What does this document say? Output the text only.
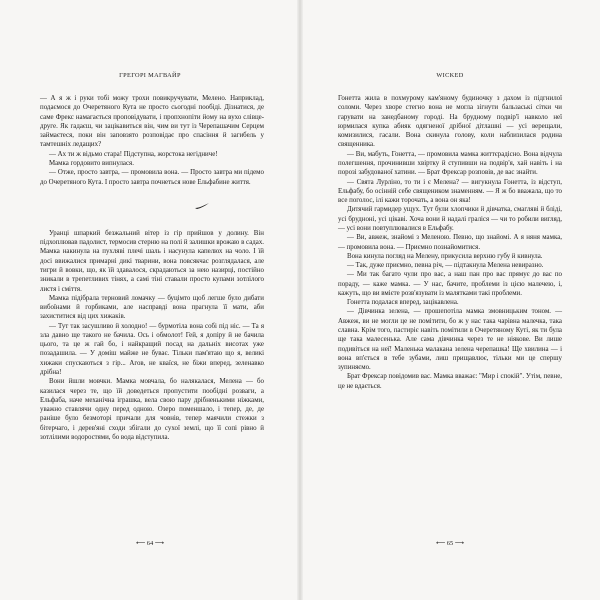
ГРЕГОРІ МАГВАЙР

— А я ж і руки тобі можу трохи повикручувати, Мелено. Наприклад, подаємося до Очеретяного Кута не просто сьогодні пообіді. Дізнатися, де саме Фрекс намагається проповідувати, і пропхнопіти йому на вухо слівце-друге. Як гадаєш, чи зацікавиться він, чим ви тут із Черепашачим Серцем займаєтеся, поки він заповзято розповідає про спасіння й загибель у тамтешніх ледащих?

— Ах ти ж відьмо стара! Підступна, жорстока негідниче!

Мамка гордовито випнулася.

— Отже, просто завтра, — промовила вона. — Просто завтра ми підемо до Очеретяного Кута. І просто завтра почнеться нове Ельфабине життя.

Уранці шпаркий безжальний вітер із гір прийшов у долину. Він підхоплював падолист, термосив стерню на полі й залишки врожаю в садах. Мамка накинула на пухляві плечі шаль і насунула капелюх на чоло. І їй досі ввижалися примарні дикі тварини, вона повсякчас розглядалася, але тигри й вовки, що, як їй здавалося, скрадаються за нею назирці, постійно зникали в трепетливих тінях, а самі тіні ставали просто купами зотлілого листя і сміття.

Мамка підібрала терновий ломачку — буцімто щоб легше було дибати вибоїнами й горбиками, але насправді вона прагнула її мати, аби захиститися від цих хижаків.

— Тут так засушливо й холодно! — бурмотіла вона собі під ніс. — Та я зла давно ще такого не бачила. Ось і обмолот! Гей, я допіру й не бачила цього, та це ж гай бо, і найкращий посад на дальніх висотах уже позадашила. — У доміш майже не буває. Тільки пам'ятаю що я, великі хижаки спускаються з гір... Агов, не кваїся, не біжи вперед, зеленавко дрібна!

Вони йшли мовчки. Мамка мовчала, бо налякалася, Мелена — бо казилася через те, що їй доведеться пропустити пообідні розваги, а Ельфаба, наче механічна іграшка, вела свою пару дрібненькими ніжками, уважно ставлячи одну перед одною. Озеро поменшало, і тепер, де, де раніше було безмоторі причали для човнів, тепер маячили стежки з бітерчаго, і дерев'яні сходи збігали до сухої землі, що її сопі рівно й зотлілими водоростями, бо вода відступила.

⟵ 64 ⟶
WICKED

Гонетта жила в похмурому кам'яному будиночку з дахом із підгнилої соломи. Через хворе стегно вона не могла зігнути бальзаські сітки чи гарувати на занедбаному городі. На брудному подвір'ї навколо неї юрмилася купка абияк одягненої дрібної дітлашні — усі верещали, комизилися, гасали. Вона скинула голову, коли наблизилася родина священника.

— Ви, мабуть, Гонетта, — промовила мамка життєрадісно. Вона відчула полегшення, прочинивши хвіртку й ступивши на подвір'я, хай навіть і на порозі забудованої хатини. — Брат Фрексар розповів, де вас знайти.

— Свята Лурліно, то ти і є Мелена? — вигукнула Гонетта, із відступ, Ельфабу, бо осінній себе священиком знаменням. — Я ж бо вважала, що то все поголос, ілі кажи торочать, а вона он яка!

Дитячий гармидер ущух. Тут були хлопчики й дівчатка, смагляві й бліді, усі брудноні, усі цікаві. Хоча вони й надалі граліся — чи то робили вигляд, — усі вони повтуплювалися в Ельфабу.

— Ви, авжеж, знайомі з Меленою. Певно, що знайомі. А я няня мамка, — промовила вона. — Приємно познайомитися.

Вона кинула погляд на Мелену, прикусила верхню губу й кивнула.

— Так, дуже приємно, певна річ, — підтакнула Мелена невиразно.

— Ми так багато чули про вас, а наш пан про вас прямує до вас по пораду, — каже мамка. — У нас, бачите, проблеми із цією малечею, і, кажуть, що ви вмієте розв'язувати із малятками такі проблеми.

Гонетта подалася вперед, зацікавлена.

— Дівчинка зелена, — прошепотіла мамка змовницьким тоном. — Авжеж, ви не могли це не помітити, бо ж у нас така чарівна малечка, така славна. Крім того, пастиріє навіть помітили в Очеретяному Куті, як ти була ще така малесенька. Але сама дівчинка через те не ніякове. Ви лише подивіться на неї! Маленька малакана зелена черепашка! Ще хвилина — і вона вп'ється в тебе зубами, лиш прищавлює, тільки ми це спершу зупиняємо.

Брат Фрексар повідомив вас. Мамка вважає: "Мир і спокій". Утім, певне, це не вдається.

⟵ 65 ⟶
